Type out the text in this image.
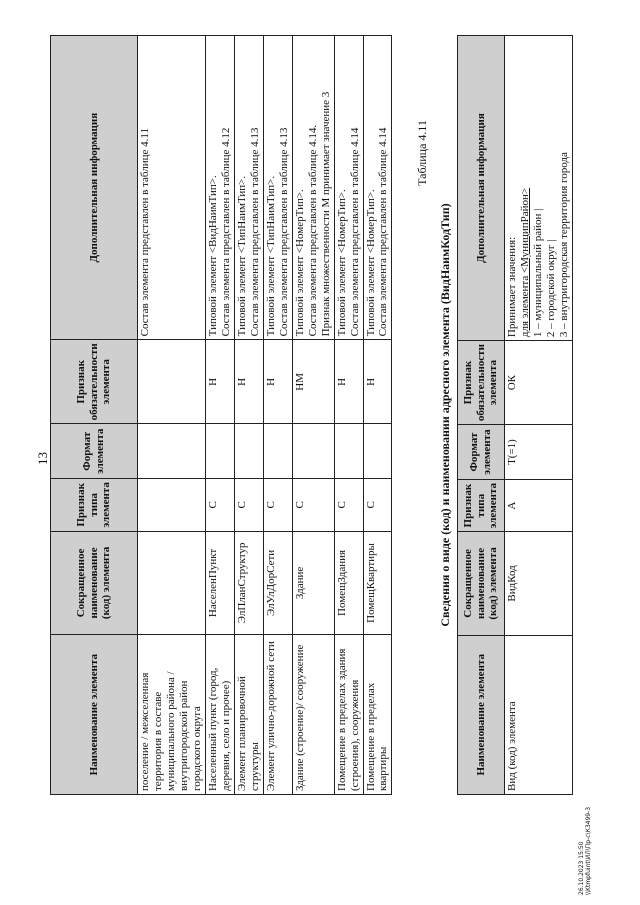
13
Наименование элемента	Сокращенное наименование (код) элемента	Признак типа элемента	Формат элемента	Признак обязательности элемента	Дополнительная информация
поселение / межселенная территория в составе муниципального района / внутригородской район городского округа					Состав элемента представлен в таблице 4.11

Населенный пункт (город, деревня, село и прочее)	НаселенПункт	С		Н	Типовой элемент <ВидНаимТип>. Состав элемента представлен в таблице 4.12

Элемент планировочной структуры	ЭлПланСтруктур	С		Н	Типовой элемент <ТипНаимТип>. Состав элемента представлен в таблице 4.13

Элемент улично-дорожной сети	ЭлУлДорСети	С		Н	Типовой элемент <ТипНаимТип>. Состав элемента представлен в таблице 4.13

Здание (строение)/ сооружение	Здание	С		НМ	Типовой элемент <НомерТип>. Состав элемента представлен в таблице 4.14. Признак множественности М принимает значение 3

Помещение в пределах здания (строения), сооружения	ПомещЗдания	С		Н	Типовой элемент <НомерТип>. Состав элемента представлен в таблице 4.14

Помещение в пределах квартиры	ПомещКвартиры	С		Н	Типовой элемент <НомерТип>. Состав элемента представлен в таблице 4.14 Таблица 4.11
Сведения о виде (код) и наименовании адресного элемента (ВидНаимКодТип)
Наименование элемента	Сокращенное наименование (код) элемента	Признак типа элемента	Формат элемента	Признак обязательности элемента	Дополнительная информация
Вид (код) элемента	ВидКод	А	T(=1)	ОК	Принимает значения: для элемента <МуниципРайон> 1 – муниципальный район | 2 – городской округ | 3 – внутригородская территория города
26.10.2023 15:50 \\Ktmpfuint\ИЛ\Пр-с\К3499-3
